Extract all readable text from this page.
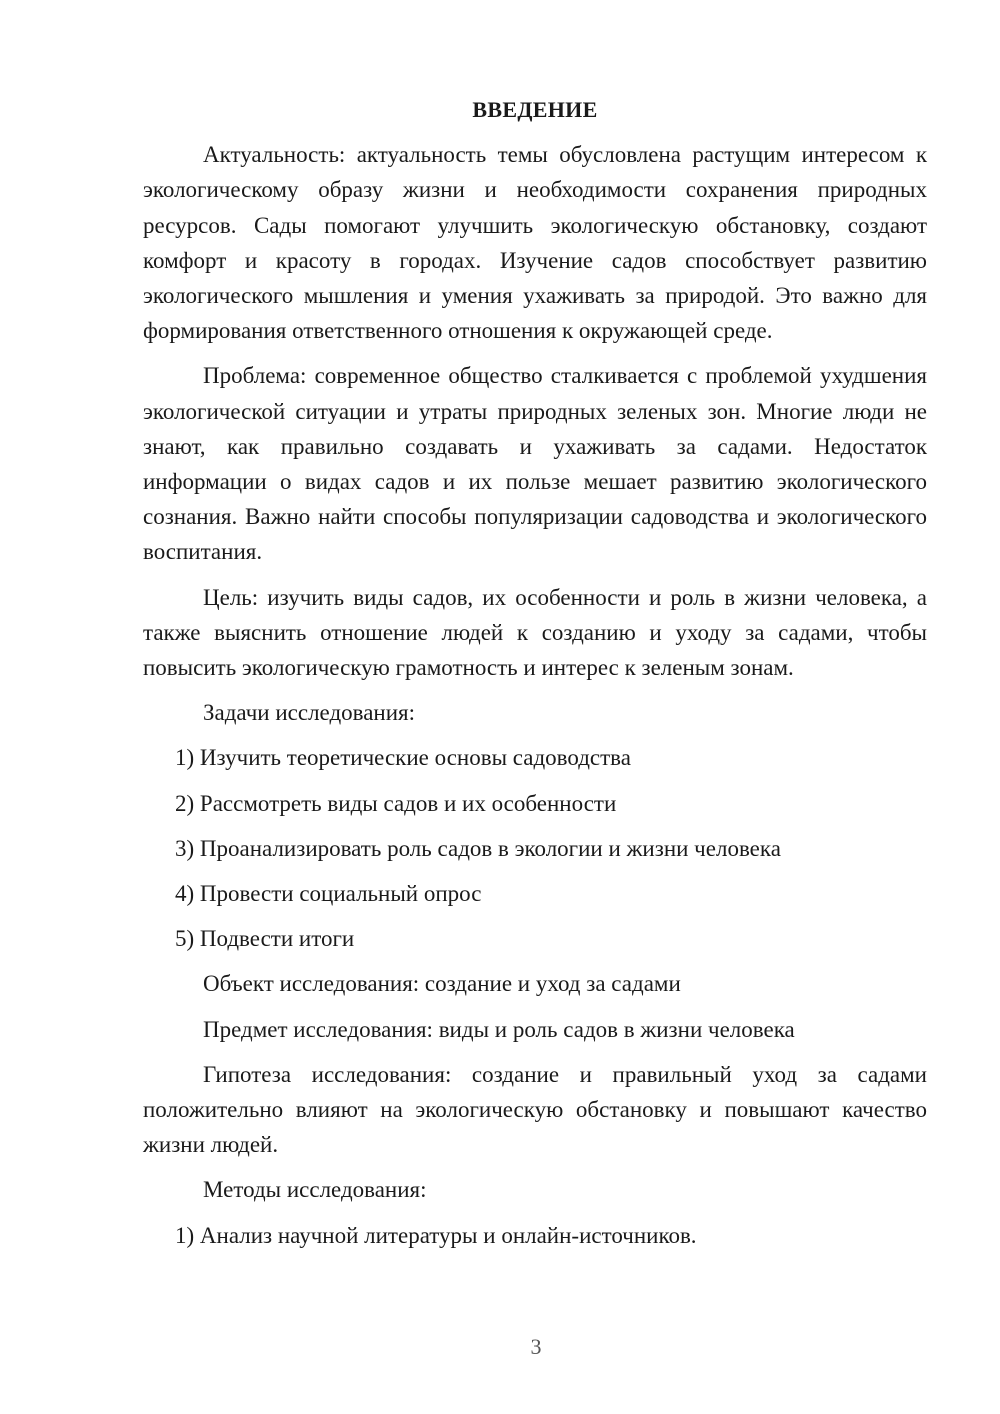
ВВЕДЕНИЕ

Актуальность: актуальность темы обусловлена растущим интересом к экологическому образу жизни и необходимости сохранения природных ресурсов. Сады помогают улучшить экологическую обстановку, создают комфорт и красоту в городах. Изучение садов способствует развитию экологического мышления и умения ухаживать за природой. Это важно для формирования ответственного отношения к окружающей среде.

Проблема: современное общество сталкивается с проблемой ухудшения экологической ситуации и утраты природных зеленых зон. Многие люди не знают, как правильно создавать и ухаживать за садами. Недостаток информации о видах садов и их пользе мешает развитию экологического сознания. Важно найти способы популяризации садоводства и экологического воспитания.

Цель: изучить виды садов, их особенности и роль в жизни человека, а также выяснить отношение людей к созданию и уходу за садами, чтобы повысить экологическую грамотность и интерес к зеленым зонам.

Задачи исследования:

1) Изучить теоретические основы садоводства

2) Рассмотреть виды садов и их особенности

3) Проанализировать роль садов в экологии и жизни человека

4) Провести социальный опрос

5) Подвести итоги

Объект исследования: создание и уход за садами

Предмет исследования: виды и роль садов в жизни человека

Гипотеза исследования: создание и правильный уход за садами положительно влияют на экологическую обстановку и повышают качество жизни людей.

Методы исследования:

1) Анализ научной литературы и онлайн-источников.

3
